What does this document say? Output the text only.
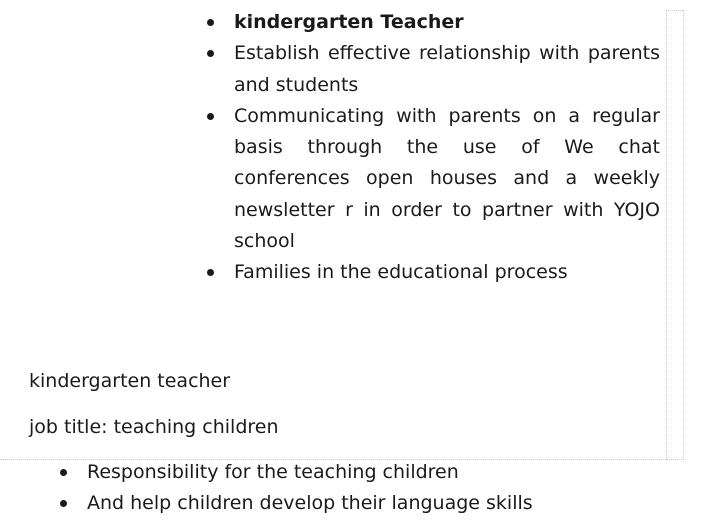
kindergarten Teacher
Establish effective relationship with parents and students
Communicating with parents on a regular basis through the use of We chat conferences open houses and a weekly newsletter r in order to partner with YOJO school
Families in the educational process
kindergarten teacher
job title: teaching children
Responsibility for the teaching children
And help children develop their language skills
